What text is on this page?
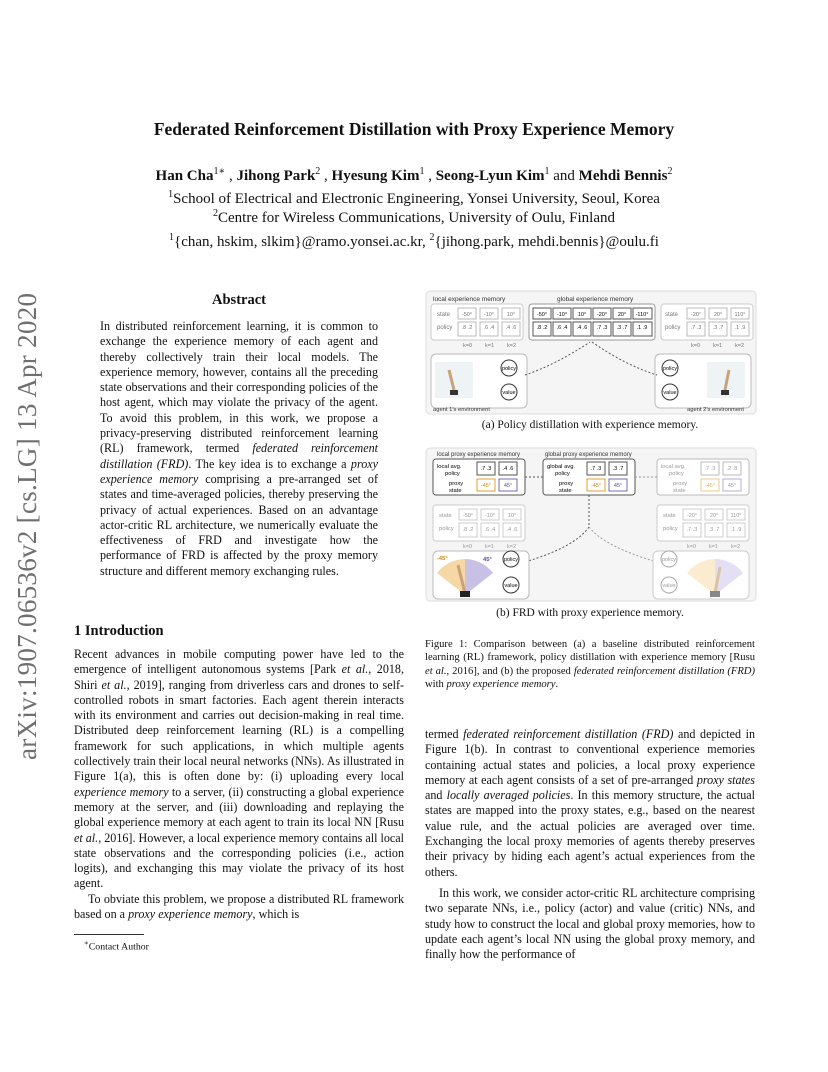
arXiv:1907.06536v2 [cs.LG] 13 Apr 2020
Federated Reinforcement Distillation with Proxy Experience Memory
Han Cha$^{1∗}$ , Jihong Park$^2$ , Hyesung Kim$^1$ , Seong-Lyun Kim$^1$ and Mehdi Bennis$^2$
$^1$School of Electrical and Electronic Engineering, Yonsei University, Seoul, Korea
$^2$Centre for Wireless Communications, University of Oulu, Finland
$^1${chan, hskim, slkim}@ramo.yonsei.ac.kr, $^2${jihong.park, mehdi.bennis}@oulu.fi
Abstract
In distributed reinforcement learning, it is common to exchange the experience memory of each agent and thereby collectively train their local models. The experience memory, however, contains all the preceding state observations and their corresponding policies of the host agent, which may violate the privacy of the agent. To avoid this problem, in this work, we propose a privacy-preserving distributed reinforcement learning (RL) framework, termed federated reinforcement distillation (FRD). The key idea is to exchange a proxy experience memory comprising a pre-arranged set of states and time-averaged policies, thereby preserving the privacy of actual experiences. Based on an advantage actor-critic RL architecture, we numerically evaluate the effectiveness of FRD and investigate how the performance of FRD is affected by the proxy memory structure and different memory exchanging rules.
1 Introduction

Recent advances in mobile computing power have led to the emergence of intelligent autonomous systems [Park et al., 2018, Shiri et al., 2019], ranging from driverless cars and drones to self-controlled robots in smart factories. Each agent therein interacts with its environment and carries out decision-making in real time. Distributed deep reinforcement learning (RL) is a compelling framework for such applications, in which multiple agents collectively train their local neural networks (NNs). As illustrated in Figure 1(a), this is often done by: (i) uploading every local experience memory to a server, (ii) constructing a global experience memory at the server, and (iii) downloading and replaying the global experience memory at each agent to train its local NN [Rusu et al., 2016]. However, a local experience memory contains all local state observations and the corresponding policies (i.e., action logits), and exchanging this may violate the privacy of its host agent.

To obviate this problem, we propose a distributed RL framework based on a proxy experience memory, which is

∗Contact Author

termed federated reinforcement distillation (FRD) and depicted in Figure 1(b). In contrast to conventional experience memories containing actual states and policies, a local proxy experience memory at each agent consists of a set of pre-arranged proxy states and locally averaged policies. In this memory structure, the actual states are mapped into the proxy states, e.g., based on the nearest value rule, and the actual policies are averaged over time. Exchanging the local proxy memories of agents thereby preserves their privacy by hiding each agent’s actual experiences from the others.

In this work, we consider actor-critic RL architecture comprising two separate NNs, i.e., policy (actor) and value (critic) NNs, and study how to construct the local and global proxy memories, how to update each agent’s local NN using the global proxy memory, and finally how the performance of

local experience memory	global experience memory
state
policy
-50° -10° 10°
.8 .2 .6 .4 .4 .6
k=0 k=1 k=2
-50° -10° 10° -20° 20° -110°
.8 .2 .6 .4 .4 .6 .7 .3 .3 .7 .1 .9
state
policy
-20° 20° 110°
.7 .3 .3 .7 .1 .9
k=0 k=1 k=2
policy
value
agent 1’s environment
policy
value
agent 2’s environment
(a) Policy distillation with experience memory.
local proxy experience memory	global proxy experience memory
local avg.
policy
proxy
state
.7 .3 .4 .6
-45° 45°
global avg.
policy
proxy
state
.7 .3 .3 .7
-45° 45°
local avg.
policy
proxy
state
.7 .3 .2 .8
-45° 45°
state
policy
-50° -10° 10°
.8 .2 .6 .4 .4 .6
k=0 k=1 k=2
state
policy
-20° 20° 110°
.7 .3 .3 .7 .1 .9
k=0 k=1 k=2
-45°	45° policy
value
policy
value
(b) FRD with proxy experience memory.
Figure 1: Comparison between (a) a baseline distributed reinforcement learning (RL) framework, policy distillation with experience memory [Rusu et al., 2016], and (b) the proposed federated reinforcement distillation (FRD) with proxy experience memory.
